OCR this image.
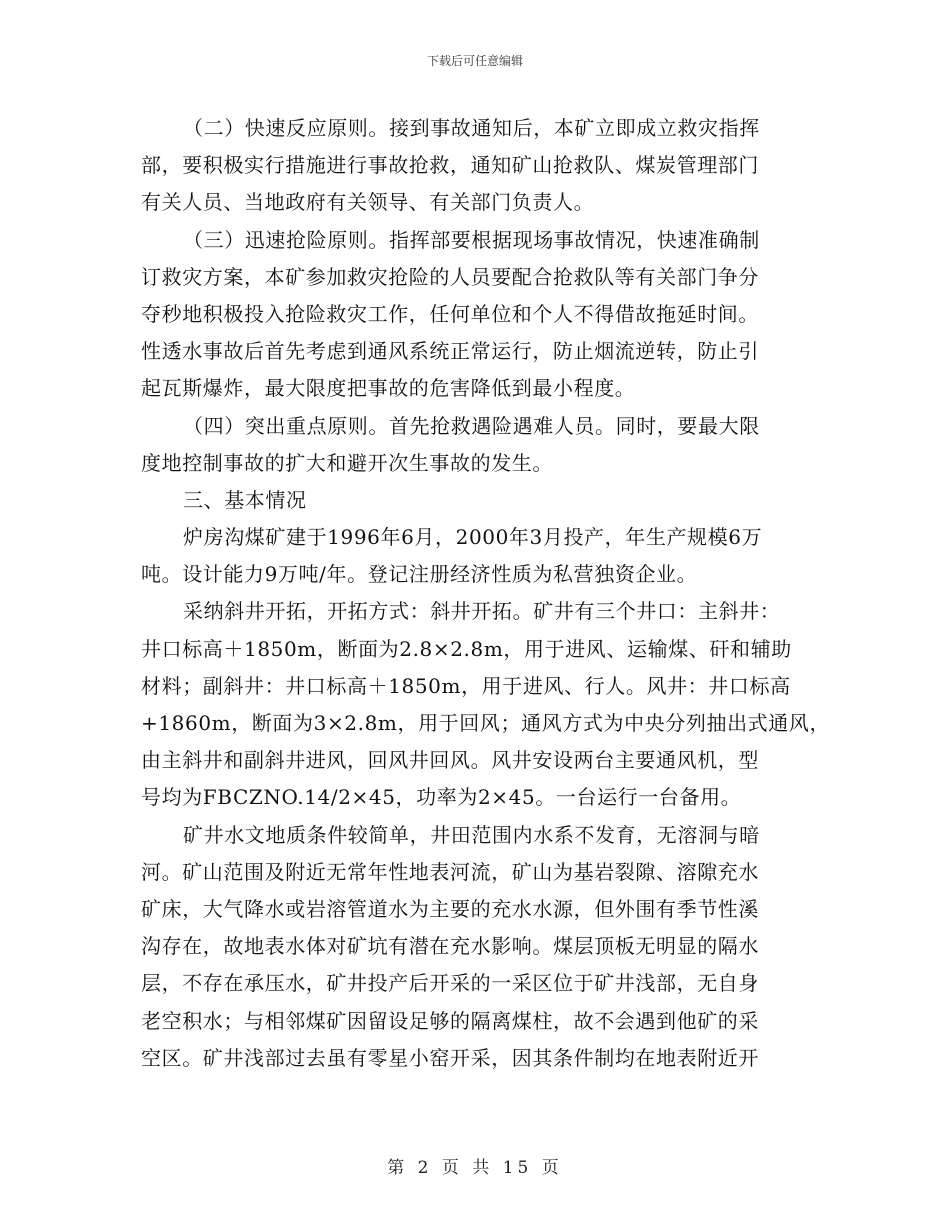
下载后可任意编辑
（二）快速反应原则。接到事故通知后，本矿立即成立救灾指挥
部，要积极实行措施进行事故抢救，通知矿山抢救队、煤炭管理部门
有关人员、当地政府有关领导、有关部门负责人。
（三）迅速抢险原则。指挥部要根据现场事故情况，快速准确制
订救灾方案，本矿参加救灾抢险的人员要配合抢救队等有关部门争分
夺秒地积极投入抢险救灾工作，任何单位和个人不得借故拖延时间。
性透水事故后首先考虑到通风系统正常运行，防止烟流逆转，防止引
起瓦斯爆炸，最大限度把事故的危害降低到最小程度。
（四）突出重点原则。首先抢救遇险遇难人员。同时，要最大限
度地控制事故的扩大和避开次生事故的发生。
三、基本情况
炉房沟煤矿建于1996年6月，2000年3月投产，年生产规模6万
吨。设计能力9万吨/年。登记注册经济性质为私营独资企业。
采纳斜井开拓，开拓方式：斜井开拓。矿井有三个井口：主斜井：
井口标高＋1850m，断面为2.8×2.8m，用于进风、运输煤、矸和辅助
材料；副斜井：井口标高＋1850m，用于进风、行人。风井：井口标高
+1860m，断面为3×2.8m，用于回风；通风方式为中央分列抽出式通风，
由主斜井和副斜井进风，回风井回风。风井安设两台主要通风机，型
号均为FBCZNO.14/2×45，功率为2×45。一台运行一台备用。
矿井水文地质条件较简单，井田范围内水系不发育，无溶洞与暗
河。矿山范围及附近无常年性地表河流，矿山为基岩裂隙、溶隙充水
矿床，大气降水或岩溶管道水为主要的充水水源，但外围有季节性溪
沟存在，故地表水体对矿坑有潜在充水影响。煤层顶板无明显的隔水
层，不存在承压水，矿井投产后开采的一采区位于矿井浅部，无自身
老空积水；与相邻煤矿因留设足够的隔离煤柱，故不会遇到他矿的采
空区。矿井浅部过去虽有零星小窑开采，因其条件制均在地表附近开
第 2 页 共 15 页
